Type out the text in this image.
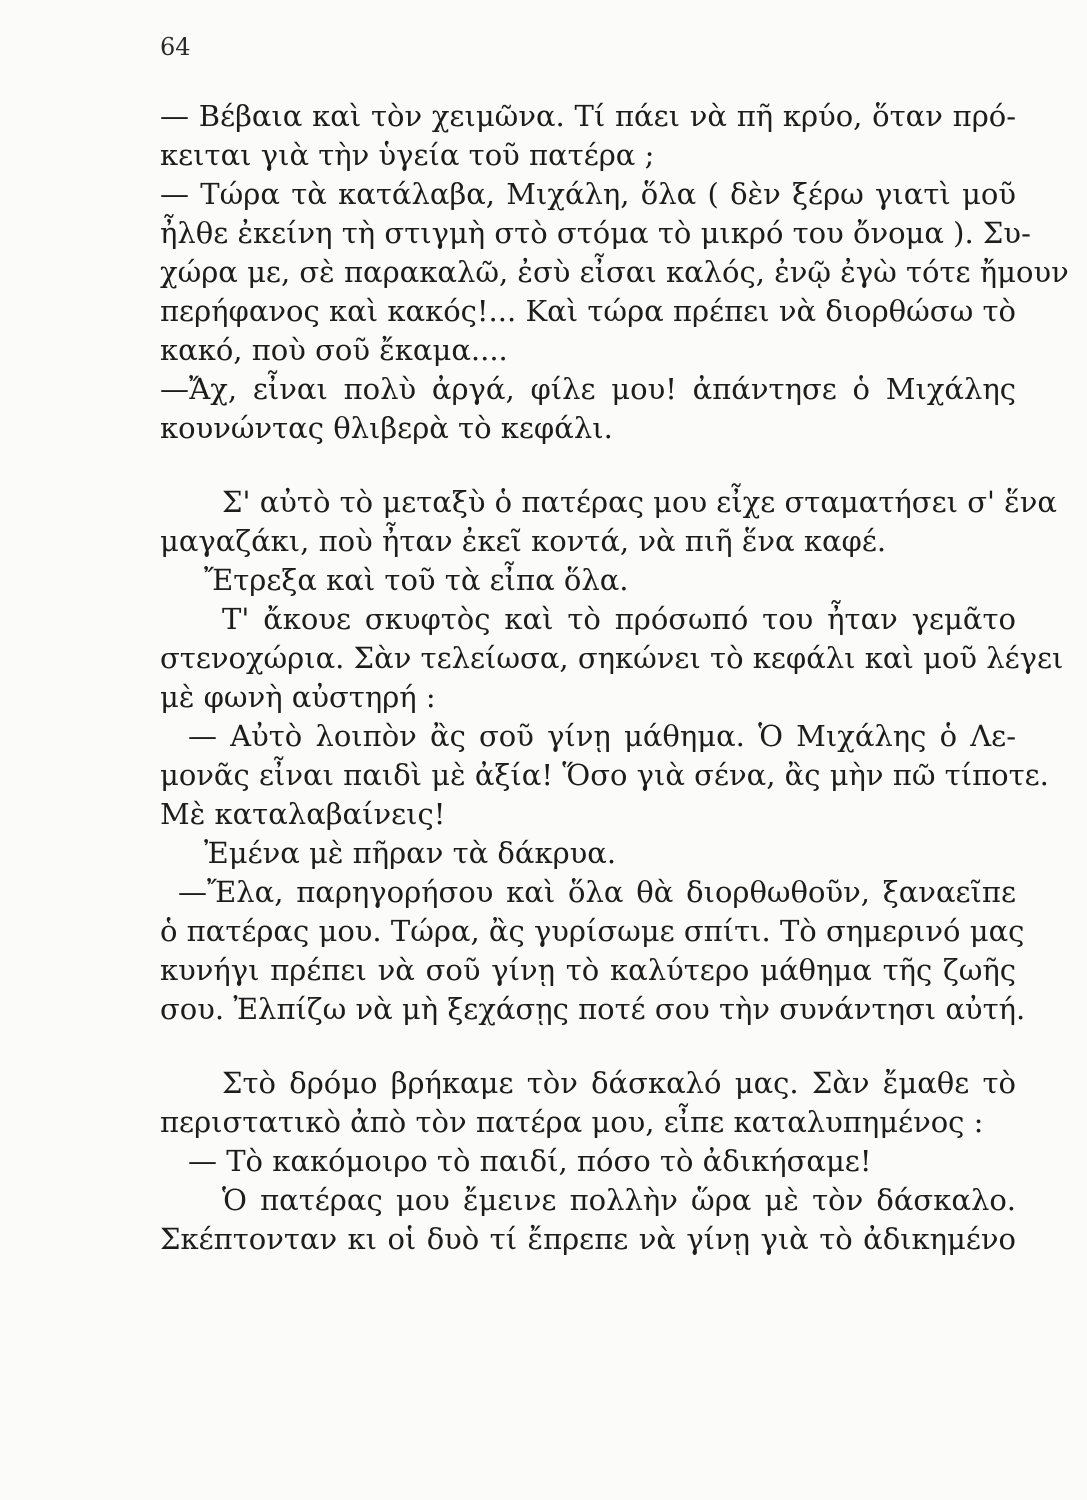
64
— Βέβαια καὶ τὸν χειμῶνα. Τί πάει νὰ πῆ κρύο, ὅταν πρό-
κειται γιὰ τὴν ὑγεία τοῦ πατέρα ;
— Τώρα τὰ κατάλαβα, Μιχάλη, ὅλα ( δὲν ξέρω γιατὶ μοῦ
ἦλθε ἐκείνη τὴ στιγμὴ στὸ στόμα τὸ μικρό του ὄνομα ). Συ-
χώρα με, σὲ παρακαλῶ, ἐσὺ εἶσαι καλός, ἐνῷ ἐγὼ τότε ἤμουν
περήφανος καὶ κακός!... Καὶ τώρα πρέπει νὰ διορθώσω τὸ
κακό, ποὺ σοῦ ἔκαμα....
—Ἄχ, εἶναι πολὺ ἀργά, φίλε μου! ἀπάντησε ὁ Μιχάλης
κουνώντας θλιβερὰ τὸ κεφάλι.
Σ' αὐτὸ τὸ μεταξὺ ὁ πατέρας μου εἶχε σταματήσει σ' ἕνα
μαγαζάκι, ποὺ ἦταν ἐκεῖ κοντά, νὰ πιῆ ἕνα καφέ.
Ἔτρεξα καὶ τοῦ τὰ εἶπα ὅλα.
Τ' ἄκουε σκυφτὸς καὶ τὸ πρόσωπό του ἦταν γεμᾶτο
στενοχώρια. Σὰν τελείωσα, σηκώνει τὸ κεφάλι καὶ μοῦ λέγει
μὲ φωνὴ αὐστηρή :
— Αὐτὸ λοιπὸν ἂς σοῦ γίνῃ μάθημα. Ὁ Μιχάλης ὁ Λε-
μονᾶς εἶναι παιδὶ μὲ ἀξία! Ὅσο γιὰ σένα, ἂς μὴν πῶ τίποτε.
Μὲ καταλαβαίνεις!
Ἐμένα μὲ πῆραν τὰ δάκρυα.
—Ἔλα, παρηγορήσου καὶ ὅλα θὰ διορθωθοῦν, ξαναεῖπε
ὁ πατέρας μου. Τώρα, ἂς γυρίσωμε σπίτι. Τὸ σημερινό μας
κυνήγι πρέπει νὰ σοῦ γίνῃ τὸ καλύτερο μάθημα τῆς ζωῆς
σου. Ἐλπίζω νὰ μὴ ξεχάσῃς ποτέ σου τὴν συνάντησι αὐτή.
Στὸ δρόμο βρήκαμε τὸν δάσκαλό μας. Σὰν ἔμαθε τὸ
περιστατικὸ ἀπὸ τὸν πατέρα μου, εἶπε καταλυπημένος :
— Τὸ κακόμοιρο τὸ παιδί, πόσο τὸ ἀδικήσαμε!
Ὁ πατέρας μου ἔμεινε πολλὴν ὥρα μὲ τὸν δάσκαλο.
Σκέπτονταν κι οἱ δυὸ τί ἔπρεπε νὰ γίνῃ γιὰ τὸ ἀδικημένο
